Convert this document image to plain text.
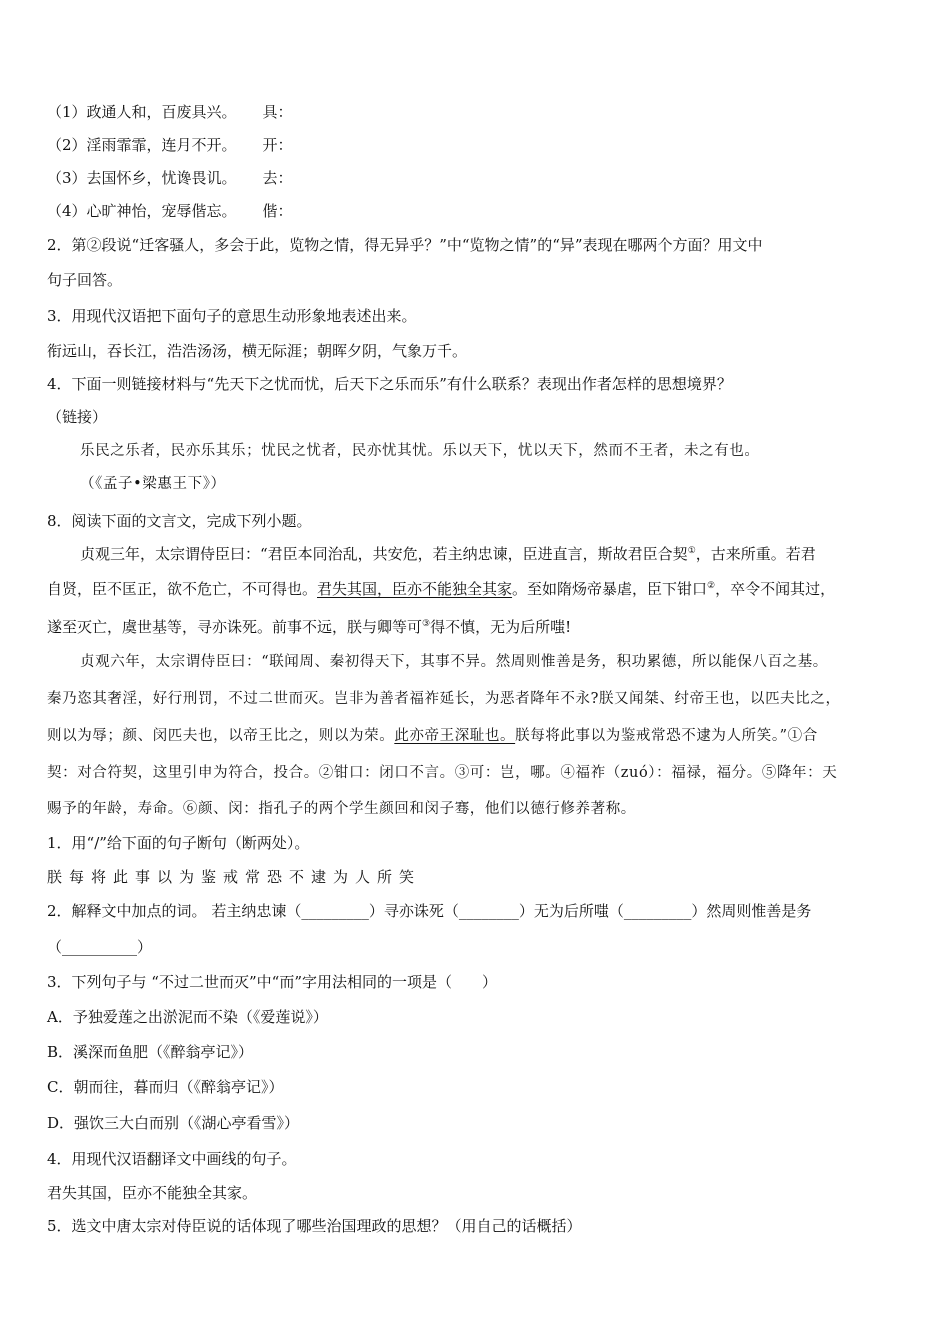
（1）政通人和，百废具兴。 具：
（2）淫雨霏霏，连月不开。 开：
（3）去国怀乡，忧谗畏讥。 去：
（4）心旷神怡，宠辱偕忘。 偕：
2．第②段说“迁客骚人，多会于此，览物之情，得无异乎？”中“览物之情”的“异”表现在哪两个方面？用文中
句子回答。
3．用现代汉语把下面句子的意思生动形象地表述出来。
衔远山，吞长江，浩浩汤汤，横无际涯；朝晖夕阴，气象万千。
4．下面一则链接材料与“先天下之忧而忧，后天下之乐而乐”有什么联系？表现出作者怎样的思想境界？
（链接）
乐民之乐者，民亦乐其乐；忧民之忧者，民亦忧其忧。乐以天下，忧以天下，然而不王者，未之有也。
（《孟子•梁惠王下》）
8．阅读下面的文言文，完成下列小题。
贞观三年，太宗谓侍臣曰：“君臣本同治乱，共安危，若主纳忠谏，臣进直言，斯故君臣合契①，古来所重。若君
自贤，臣不匡正，欲不危亡，不可得也。君失其国，臣亦不能独全其家。至如隋炀帝暴虐，臣下钳口②，卒令不闻其过，
遂至灭亡，虞世基等，寻亦诛死。前事不远，朕与卿等可③得不慎，无为后所嗤!
贞观六年，太宗谓侍臣曰：“联闻周、秦初得天下，其事不异。然周则惟善是务，积功累德，所以能保八百之基。
秦乃恣其奢淫，好行刑罚，不过二世而灭。岂非为善者福祚延长，为恶者降年不永?朕又闻桀、纣帝王也，以匹夫比之，
则以为辱；颜、闵匹夫也，以帝王比之，则以为荣。此亦帝王深耻也。朕每将此事以为鉴戒常恐不逮为人所笑。”①合
契：对合符契，这里引申为符合，投合。②钳口：闭口不言。③可：岂，哪。④福祚（zuó）：福禄，福分。⑤降年：天
赐予的年龄，寿命。⑥颜、闵：指孔子的两个学生颜回和闵子骞，他们以德行修养著称。
1．用“/”给下面的句子断句（断两处）。
朕每将此事以为鉴戒常恐不逮为人所笑
2．解释文中加点的词。 若主纳忠谏（_________）寻亦诛死（________）无为后所嗤（_________）然周则惟善是务
（__________）
3．下列句子与 “不过二世而灭”中“而”字用法相同的一项是（　　）
A．予独爱莲之出淤泥而不染（《爱莲说》）
B．溪深而鱼肥（《醉翁亭记》）
C．朝而往，暮而归（《醉翁亭记》）
D．强饮三大白而别（《湖心亭看雪》）
4．用现代汉语翻译文中画线的句子。
君失其国，臣亦不能独全其家。
5．选文中唐太宗对侍臣说的话体现了哪些治国理政的思想？（用自己的话概括）
